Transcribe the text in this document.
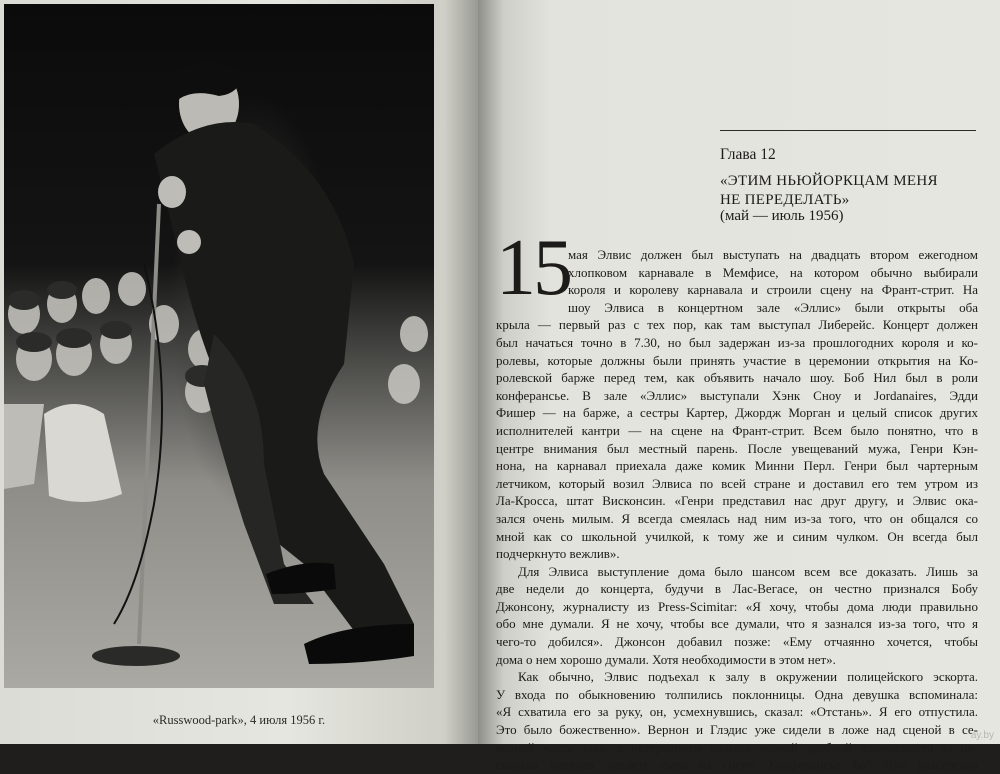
«Russwood-park», 4 июля 1956 г.
Глава 12
«ЭТИМ НЬЮЙОРКЦАМ МЕНЯ
НЕ ПЕРЕДЕЛАТЬ»
(май — июль 1956)
15
мая Элвис должен был выступать на двадцать втором ежегодном
хлопковом карнавале в Мемфисе, на котором обычно выбирали
короля и королеву карнавала и строили сцену на Франт-стрит. На
шоу Элвиса в концертном зале «Эллис» были открыты оба
крыла — первый раз с тех пор, как там выступал Либерейс. Концерт должен
был начаться точно в 7.30, но был задержан из-за прошлогодних короля и ко-
ролевы, которые должны были принять участие в церемонии открытия на Ко-
ролевской барже перед тем, как объявить начало шоу. Боб Нил был в роли
конферансье. В зале «Эллис» выступали Хэнк Сноу и Jordanaires, Эдди
Фишер — на барже, а сестры Картер, Джордж Морган и целый список других
исполнителей кантри — на сцене на Франт-стрит. Всем было понятно, что в
центре внимания был местный парень. После увещеваний мужа, Генри Кэн-
нона, на карнавал приехала даже комик Минни Перл. Генри был чартерным
летчиком, который возил Элвиса по всей стране и доставил его тем утром из
Ла-Кросса, штат Висконсин. «Генри представил нас друг другу, и Элвис ока-
зался очень милым. Я всегда смеялась над ним из-за того, что он общался со
мной как со школьной училкой, к тому же и синим чулком. Он всегда был
подчеркнуто вежлив».
Для Элвиса выступление дома было шансом всем все доказать. Лишь за
две недели до концерта, будучи в Лас-Вегасе, он честно признался Бобу
Джонсону, журналисту из Press-Scimitar: «Я хочу, чтобы дома люди правильно
обо мне думали. Я не хочу, чтобы все думали, что я зазнался из-за того, что я
чего-то добился». Джонсон добавил позже: «Ему отчаянно хочется, чтобы
дома о нем хорошо думали. Хотя необходимости в этом нет».
Как обычно, Элвис подъехал к залу в окружении полицейского эскорта.
У входа по обыкновению толпились поклонницы. Одна девушка вспоминала:
«Я схватила его за руку, он, усмехнувшись, сказал: «Отстань». Я его отпустила.
Это было божественно». Вернон и Глэдис уже сидели в ложе над сценой в се-
верной части зала, с нетерпением ожидая первой удобной возможности за не-
сколько месяцев увидеть сына на сцене. Конферансье Боб Нил разогревал
ay.by
